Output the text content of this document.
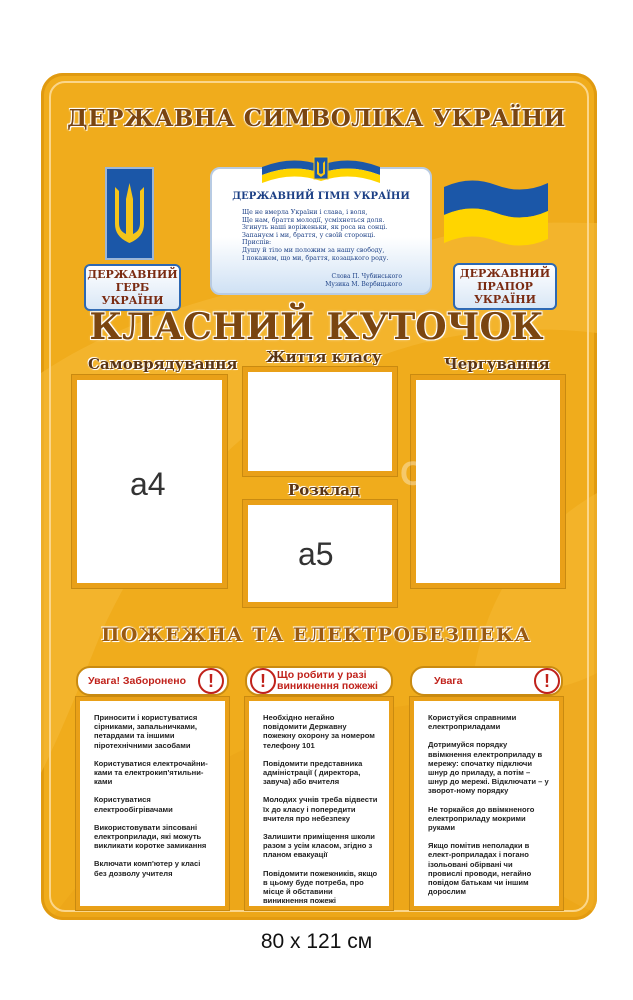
ДЕРЖАВНА СИМВОЛІКА УКРАЇНИ
ДЕРЖАВНИЙ ГЕРБ
УКРАЇНИ
ДЕРЖАВНИЙ ГІМН УКРАЇНИ
Ще не вмерла України і слава, і воля,
Ще нам, браття молодії, усміхнеться доля.
Згинуть наші воріженьки, як роса на сонці.
Запануєм і ми, браття, у своїй сторонці.
Приспів:
Душу й тіло ми положим за нашу свободу,
І покажем, що ми, браття, козацького роду.
Слова П. Чубинського
Музика М. Вербицького
ДЕРЖАВНИЙ
ПРАПОР УКРАЇНИ
КЛАСНИЙ КУТОЧОК
Самоврядування Життя класу	Чергування
Розклад
а4
а5
СТЕНДИ
ЗРІ
ПІ
ПОЖЕЖНА ТА ЕЛЕКТРОБЕЗПЕКА
Увага! Заборонено	!
Приносити і користуватися сірниками, запальничками, петардами та іншими піротехнічними засобами
Користуватися електрочайни-ками та електрокип'ятильни-ками
Користуватися електрообігрівачами
Використовувати зіпсовані електроприлади, які можуть викликати коротке замикання
Включати комп'ютер у класі без дозволу учителя
Що робити у разі
виникнення пожежі
!
Необхідно негайно повідомити Державну пожежну охорону за номером телефону 101
Повідомити представника адміністрації ( директора, завуча) або вчителя
Молодих учнів треба відвести їх до класу і попередити вчителя про небезпеку
Залишити приміщення школи разом з усім класом, згідно з планом евакуації
Повідомити пожежників, якщо в цьому буде потреба, про місце й обставини виникнення пожежі
Увага	!
Користуйся справними електроприладами
Дотримуйся порядку ввімкнення електроприладу в мережу: спочатку підключи шнур до приладу, а потім – шнур до мережі. Відключати – у зворот-ному порядку
Не торкайся до ввімкненого електроприладу мокрими руками
Якщо помітив неполадки в елект-роприладах і погано ізольовані обірвані чи провислі проводи, негайно повідом батькам чи іншим дорослим
80 x 121 см
